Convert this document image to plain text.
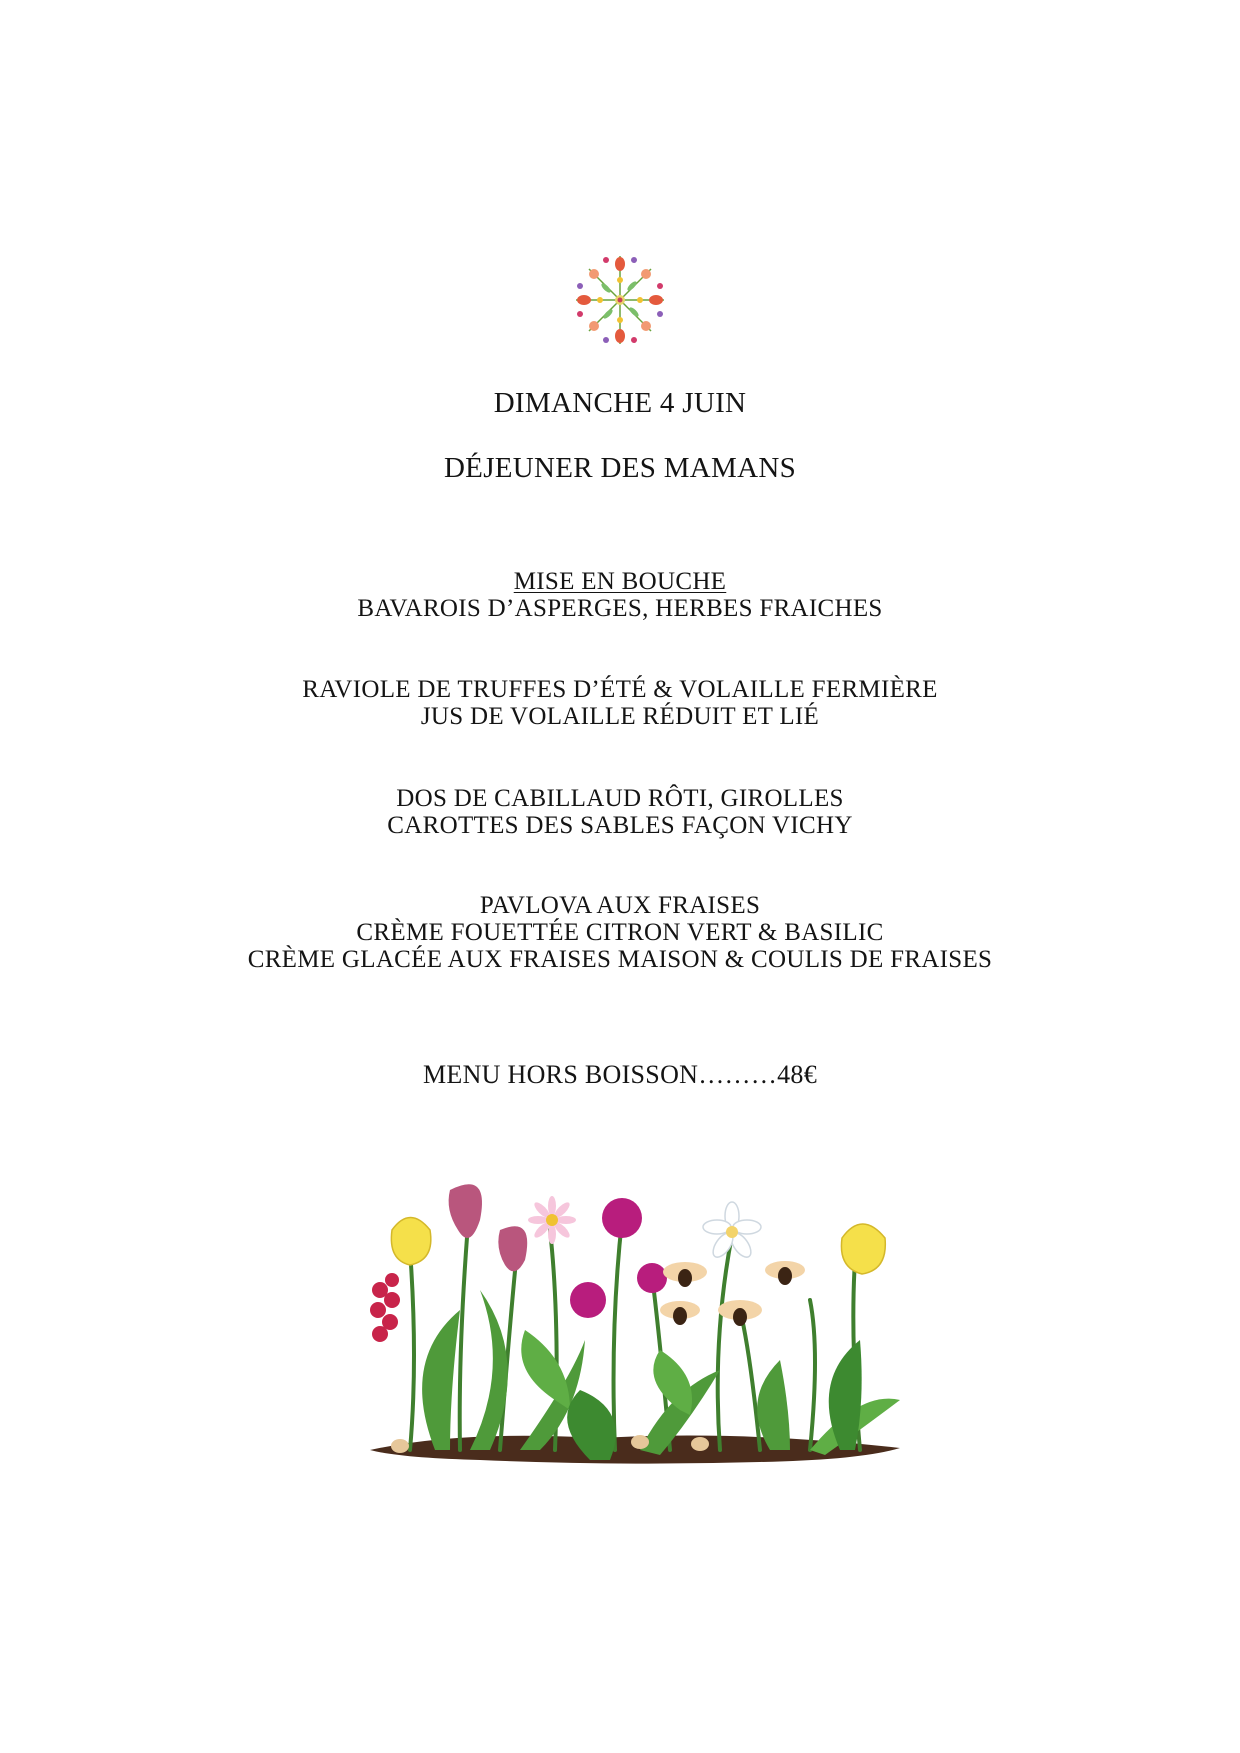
DIMANCHE 4 JUIN
DÉJEUNER DES MAMANS
MISE EN BOUCHE
BAVAROIS D’ASPERGES, HERBES FRAICHES
RAVIOLE DE TRUFFES D’ÉTÉ & VOLAILLE FERMIÈRE
JUS DE VOLAILLE RÉDUIT ET LIÉ
DOS DE CABILLAUD RÔTI, GIROLLES
CAROTTES DES SABLES FAÇON VICHY
PAVLOVA AUX FRAISES
CRÈME FOUETTÉE CITRON VERT & BASILIC
CRÈME GLACÉE AUX FRAISES MAISON & COULIS DE FRAISES
MENU HORS BOISSON………48€
